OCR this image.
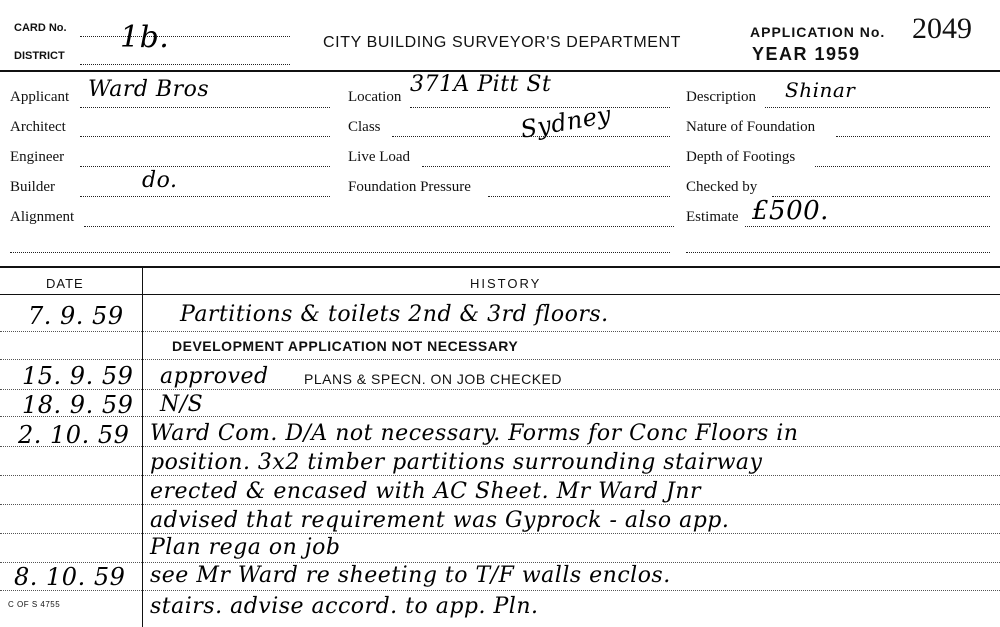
CARD No. 1b.
DISTRICT
CITY BUILDING SURVEYOR'S DEPARTMENT
APPLICATION No. 2049
YEAR 1959
Applicant Ward Bros
Architect
Engineer
Builder	do.
Alignment
Location 371A Pitt St
Class	Sydney
Live Load
Foundation Pressure
Description Shinar
Nature of Foundation
Depth of Footings
Checked by
Estimate £500.
DATE	HISTORY
7. 9. 59	Partitions & toilets 2nd & 3rd floors.
DEVELOPMENT APPLICATION NOT NECESSARY
15. 9. 59 approved	PLANS & SPECN. ON JOB CHECKED
18. 9. 59 N/S
2. 10. 59 Ward Com. D/A not necessary. Forms for Conc Floors in
position. 3x2 timber partitions surrounding stairway
erected & encased with AC Sheet. Mr Ward Jnr
advised that requirement was Gyprock - also app.
Plan rega on job
8. 10. 59 see Mr Ward re sheeting to T/F walls enclos.
stairs. advise accord. to app. Pln.
C OF S 4755
